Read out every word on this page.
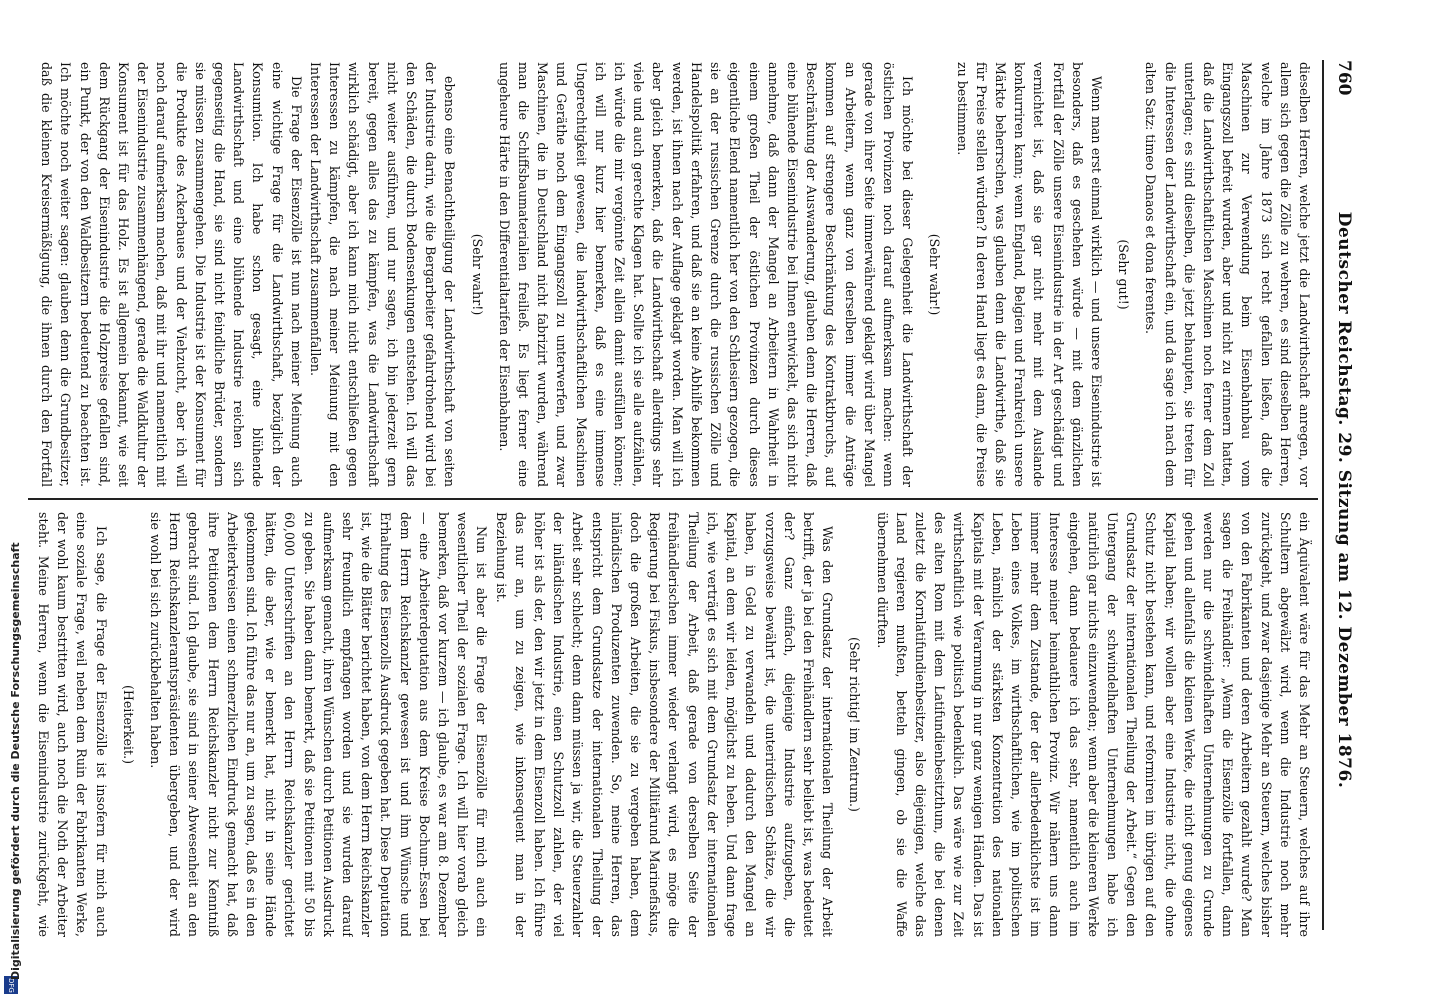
760
Deutscher Reichstag. 29. Sitzung am 12. Dezember 1876.

dieselben Herren, welche jetzt die Landwirthschaft anregen, vor allem sich gegen die Zölle zu wehren, es sind dieselben Herren, welche im Jahre 1873 sich recht gefallen ließen, daß die Maschinen zur Verwendung beim Eisenbahnbau vom Eingangszoll befreit wurden, aber und nicht zu erinnern hatten, daß die Landwirthschaftlichen Maschinen noch ferner dem Zoll unterlagen; es sind dieselben, die jetzt behaupten, sie treten für die Interessen der Landwirthschaft ein, und da sage ich nach dem alten Satz: timeo Danaos et dona ferentes.

(Sehr gut!)

Wenn man erst einmal wirklich — und unsere Eisenindustrie ist besonders, daß es geschehen würde — mit dem gänzlichen Fortfall der Zölle unsere Eisenindustrie in der Art geschädigt und vernichtet ist, daß sie gar nicht mehr mit dem Auslande konkurriren kann; wenn England, Belgien und Frankreich unsere Märkte beherrschen, was glauben denn die Landwirthe, daß sie für Preise stellen würden? In deren Hand liegt es dann, die Preise zu bestimmen.

(Sehr wahr!)

Ich möchte bei dieser Gelegenheit die Landwirthschaft der östlichen Provinzen noch darauf aufmerksam machen: wenn gerade von ihrer Seite immerwährend geklagt wird über Mangel an Arbeitern, wenn ganz von derselben immer die Anträge kommen auf strengere Beschränkung des Kontraktbruchs, auf Beschränkung der Auswanderung, glauben denn die Herren, daß eine blühende Eisenindustrie bei Ihnen entwickelt, das sich nicht annehme, daß dann der Mangel an Arbeitern in Wahrheit in einem großen Theil der östlichen Provinzen durch dieses eigentliche Elend namentlich her von den Schlesiern gezogen, die sie an der russischen Grenze durch die russischen Zölle und Handelspolitik erfahren, und daß sie an keine Abhilfe bekommen werden, ist ihnen nach der Auflage geklagt worden. Man will ich aber gleich bemerken, daß die Landwirthschaft allerdings sehr viele und auch gerechte Klagen hat. Sollte ich sie alle aufzählen, ich würde die mir vergönnte Zeit allein damit ausfüllen können; ich will nur kurz hier bemerken, daß es eine immense Ungerechtigkeit gewesen, die landwirthschaftlichen Maschinen und Geräthe noch dem Eingangszoll zu unterwerfen, und zwar Maschinen, die in Deutschland nicht fabrizirt wurden, während man die Schiffsbaumaterialien freiließ. Es liegt ferner eine ungeheure Härte in den Differentialtarifen der Eisenbahnen.

(Sehr wahr!)

ebenso eine Benachtheiligung der Landwirthschaft von seiten der Industrie darin, wie die Bergarbeiter gefahrdrohend wird bei den Schäden, die durch Bodensenkungen entstehen. Ich will das nicht weiter ausführen, und nur sagen, ich bin jederzeit gern bereit, gegen alles das zu kämpfen, was die Landwirthschaft wirklich schädigt, aber ich kann mich nicht entschließen gegen Interessen zu kämpfen, die nach meiner Meinung mit den Interessen der Landwirthschaft zusammenfallen.

Die Frage der Eisenzölle ist nun nach meiner Meinung auch eine wichtige Frage für die Landwirthschaft, bezüglich der Konsumtion. Ich habe schon gesagt, eine blühende Landwirthschaft und eine blühende Industrie reichen sich gegenseitig die Hand, sie sind nicht feindliche Brüder, sondern sie müssen zusammengehen. Die Industrie ist der Konsument für die Produkte des Ackerbaues und der Viehzucht, aber ich will noch darauf aufmerksam machen, daß mit ihr und namentlich mit der Eisenindustrie zusammenhängend, gerade die Waldkultur der Konsument ist für das Holz. Es ist allgemein bekannt, wie seit dem Rückgang der Eisenindustrie die Holzpreise gefallen sind, ein Punkt, der von den Waldbesitzern bedeutend zu beachten ist. Ich möchte noch weiter sagen: glauben denn die Grundbesitzer, daß die kleinen Kreisermäßigung, die ihnen durch den Fortfall

ein Äquivalent wäre für das Mehr an Steuern, welches auf ihre Schultern abgewälzt wird, wenn die Industrie noch mehr zurückgeht, und zwar dasjenige Mehr an Steuern, welches bisher von den Fabrikanten und deren Arbeitern gezahlt wurde? Man sagen die Freihändler: „Wenn die Eisenzölle fortfallen, dann werden nur die schwindelhaften Unternehmungen zu Grunde gehen und allenfalls die kleinen Werke, die nicht genug eigenes Kapital haben; wir wollen aber eine Industrie nicht, die ohne Schutz nicht bestehen kann, und reformiren im übrigen auf den Grundsatz der internationalen Theilung der Arbeit.“ Gegen den Untergang der schwindelhaften Unternehmungen habe ich natürlich gar nichts einzuwenden; wenn aber die kleineren Werke eingehen, dann bedauere ich das sehr, namentlich auch im Interesse meiner heimathlichen Provinz. Wir nähern uns dann immer mehr dem Zustande, der der allerbedenklichste ist im Leben eines Volkes, im wirthschaftlichen, wie im politischen Leben, nämlich der stärksten Konzentration des nationalen Kapitals mit der Verarmung in nur ganz wenigen Händen. Das ist wirthschaftlich wie politisch bedenklich. Das wäre wie zur Zeit des alten Rom mit dem Latifundienbesitzthum, die bei denen zuletzt die Kornlatifundienbesitzer, also diejenigen, welche das Land regieren mußten, betteln gingen, ob sie die Waffe übernehmen dürften.

(Sehr richtig! im Zentrum.)

Was den Grundsatz der internationalen Theilung der Arbeit betrifft, der ja bei den Freihändlern sehr beliebt ist, was bedeutet der? Ganz einfach, diejenige Industrie aufzugeben, die vorzugsweise bewährt ist, die unterirdischen Schätze, die wir haben, in Geld zu verwandeln und dadurch den Mangel an Kapital, an dem wir leiden, möglichst zu heben. Und dann frage ich, wie verträgt es sich mit dem Grundsatz der internationalen Theilung der Arbeit, daß gerade von derselben Seite der freihändlerischen immer wieder verlangt wird, es möge die Regierung bei Fiskus, insbesondere der Militärund Marinefiskus, doch die großen Arbeiten, die sie zu vergeben haben, dem inländischen Produzenten zuwenden. So, meine Herren, das entspricht dem Grundsatze der internationalen Theilung der Arbeit sehr schlecht; denn dann müssen ja wir, die Steuerzahler der inländischen Industrie, einen Schutzzoll zahlen, der viel höher ist als der, den wir jetzt in dem Eisenzoll haben. Ich führe das nur an, um zu zeigen, wie inkonsequent man in der Beziehung ist.

Nun ist aber die Frage der Eisenzölle für mich auch ein wesentlicher Theil der sozialen Frage. Ich will hier vorab gleich bemerken, daß vor kurzem — ich glaube, es war am 8. Dezember — eine Arbeiterdeputation aus dem Kreise Bochum-Essen bei dem Herrn Reichskanzler gewesen ist und ihm Wünsche und Erhaltung des Eisenzolls Ausdruck gegeben hat. Diese Deputation ist, wie die Blätter berichtet haben, von dem Herrn Reichskanzler sehr freundlich empfangen worden und sie wurden darauf aufmerksam gemacht, ihren Wünschen durch Petitionen Ausdruck zu geben. Sie haben dann bemerkt, daß sie Petitionen mit 50 bis 60,000 Unterschriften an den Herrn Reichskanzler gerichtet hätten, die aber, wie er bemerkt hat, nicht in seine Hände gekommen sind. Ich führe das nur an, um zu sagen, daß es in den Arbeiterkreisen einen schmerzlichen Eindruck gemacht hat, daß ihre Petitionen dem Herrn Reichskanzler nicht zur Kenntniß gebracht sind. Ich glaube, sie sind in seiner Abwesenheit an den Herrn Reichskanzleramtspräsidenten übergeben, und der wird sie wohl bei sich zurückbehalten haben.

(Heiterkeit.)

Ich sage, die Frage der Eisenzölle ist insofern für mich auch eine soziale Frage, weil neben dem Ruin der Fabrikanten Werke, der wohl kaum bestritten wird, auch noch die Noth der Arbeiter steht. Meine Herren, wenn die Eisenindustrie zurückgeht, wie

DFG
Digitalisierung gefördert durch die Deutsche Forschungsgemeinschaft
